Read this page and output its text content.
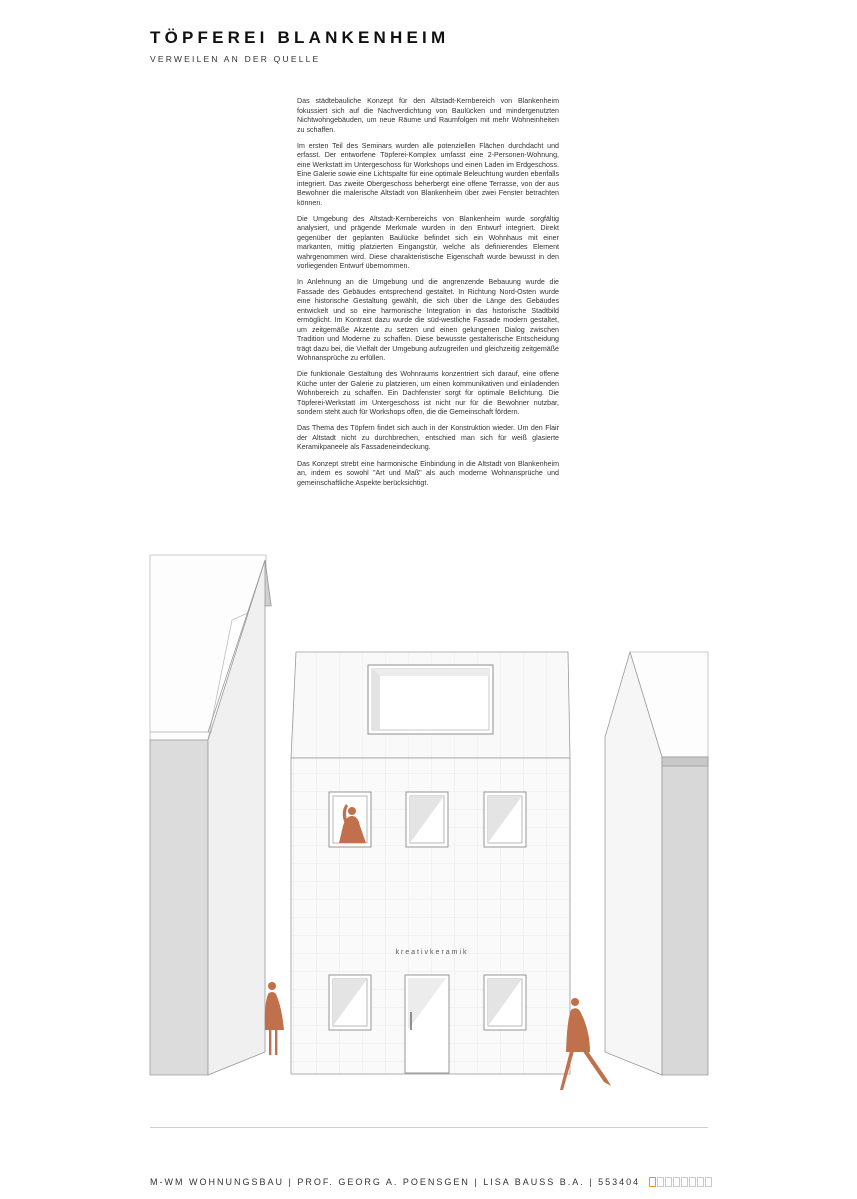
TÖPFEREI BLANKENHEIM
VERWEILEN AN DER QUELLE

Das städtebauliche Konzept für den Altstadt-Kernbereich von Blankenheim fokussiert sich auf die Nachverdichtung von Baulücken und mindergenutzten Nichtwohngebäuden, um neue Räume und Raumfolgen mit mehr Wohneinheiten zu schaffen.

Im ersten Teil des Seminars wurden alle potenziellen Flächen durchdacht und erfasst. Der entworfene Töpferei-Komplex umfasst eine 2-Personen-Wohnung, eine Werkstatt im Untergeschoss für Workshops und einen Laden im Erdgeschoss. Eine Galerie sowie eine Lichtspalte für eine optimale Beleuchtung wurden ebenfalls integriert. Das zweite Obergeschoss beherbergt eine offene Terrasse, von der aus Bewohner die malerische Altstadt von Blankenheim über zwei Fenster betrachten können.

Die Umgebung des Altstadt-Kernbereichs von Blankenheim wurde sorgfältig analysiert, und prägende Merkmale wurden in den Entwurf integriert. Direkt gegenüber der geplanten Baulücke befindet sich ein Wohnhaus mit einer markanten, mittig platzierten Eingangstür, welche als definierendes Element wahrgenommen wird. Diese charakteristische Eigenschaft wurde bewusst in den vorliegenden Entwurf übernommen.

In Anlehnung an die Umgebung und die angrenzende Bebauung wurde die Fassade des Gebäudes entsprechend gestaltet. In Richtung Nord-Osten wurde eine historische Gestaltung gewählt, die sich über die Länge des Gebäudes entwickelt und so eine harmonische Integration in das historische Stadtbild ermöglicht. Im Kontrast dazu wurde die süd-westliche Fassade modern gestaltet, um zeitgemäße Akzente zu setzen und einen gelungenen Dialog zwischen Tradition und Moderne zu schaffen. Diese bewusste gestalterische Entscheidung trägt dazu bei, die Vielfalt der Umgebung aufzugreifen und gleichzeitig zeitgemäße Wohnansprüche zu erfüllen.

Die funktionale Gestaltung des Wohnraums konzentriert sich darauf, eine offene Küche unter der Galerie zu platzieren, um einen kommunikativen und einladenden Wohnbereich zu schaffen. Ein Dachfenster sorgt für optimale Belichtung. Die Töpferei-Werkstatt im Untergeschoss ist nicht nur für die Bewohner nutzbar, sondern steht auch für Workshops offen, die die Gemeinschaft fördern.

Das Thema des Töpfern findet sich auch in der Konstruktion wieder. Um den Flair der Altstadt nicht zu durchbrechen, entschied man sich für weiß glasierte Keramikpaneele als Fassadeneindeckung.

Das Konzept strebt eine harmonische Einbindung in die Altstadt von Blankenheim an, indem es sowohl "Art und Maß" als auch moderne Wohnansprüche und gemeinschaftliche Aspekte berücksichtigt.

kreativkeramik
M-WM WOHNUNGSBAU | PROF. GEORG A. POENSGEN | LISA BAUSS B.A. | 553404
